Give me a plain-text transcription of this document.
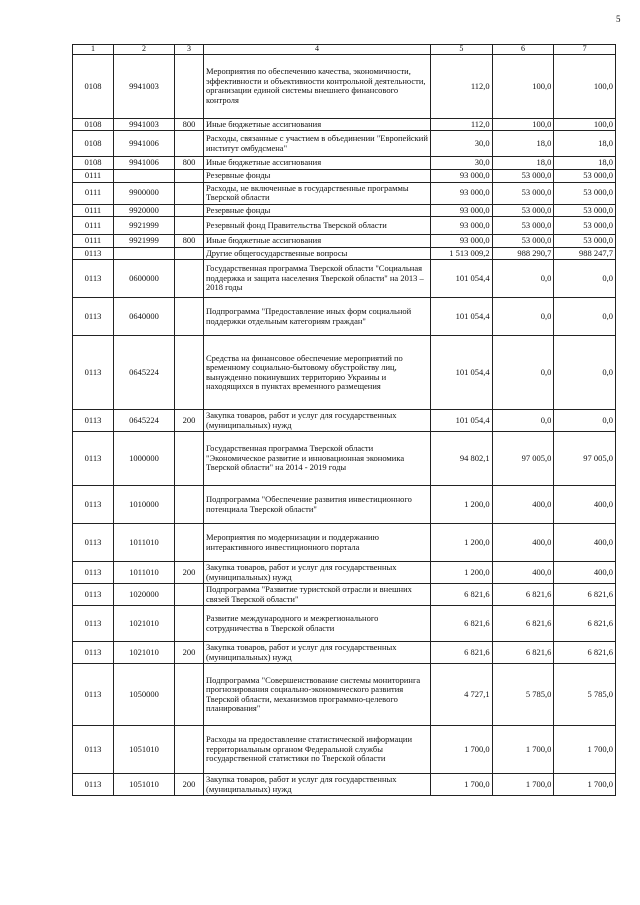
5
1	2	3	4	5	6	7
0108	9941003		Мероприятия по обеспечению качества, экономичности, эффективности и объективности контрольной деятельности, организации единой системы внешнего финансового контроля	112,0	100,0	100,0
0108	9941003	800	Иные бюджетные ассигнования	112,0	100,0	100,0
0108	9941006		Расходы, связанные с участием в объединении "Европейский институт омбудсмена"	30,0	18,0	18,0
0108	9941006	800	Иные бюджетные ассигнования	30,0	18,0	18,0
0111			Резервные фонды	93 000,0	53 000,0	53 000,0
0111	9900000		Расходы, не включенные в государственные программы Тверской области	93 000,0	53 000,0	53 000,0
0111	9920000		Резервные фонды	93 000,0	53 000,0	53 000,0
0111	9921999		Резервный фонд Правительства Тверской области	93 000,0	53 000,0	53 000,0
0111	9921999	800	Иные бюджетные ассигнования	93 000,0	53 000,0	53 000,0
0113			Другие общегосударственные вопросы	1 513 009,2	988 290,7	988 247,7
0113	0600000		Государственная программа Тверской области "Социальная поддержка и защита населения Тверской области" на 2013 – 2018 годы	101 054,4	0,0	0,0
0113	0640000		Подпрограмма "Предоставление иных форм социальной поддержки отдельным категориям граждан"	101 054,4	0,0	0,0
0113	0645224		Средства на финансовое обеспечение мероприятий по временному социально-бытовому обустройству лиц, вынужденно покинувших территорию Украины и находящихся в пунктах временного размещения	101 054,4	0,0	0,0
0113	0645224	200	Закупка товаров, работ и услуг для государственных (муниципальных) нужд	101 054,4	0,0	0,0
0113	1000000		Государственная программа Тверской области "Экономическое развитие и инновационная экономика Тверской области" на 2014 - 2019 годы	94 802,1	97 005,0	97 005,0
0113	1010000		Подпрограмма "Обеспечение развития инвестиционного потенциала Тверской области"	1 200,0	400,0	400,0
0113	1011010		Мероприятия по модернизации и поддержанию интерактивного инвестиционного портала	1 200,0	400,0	400,0
0113	1011010	200	Закупка товаров, работ и услуг для государственных (муниципальных) нужд	1 200,0	400,0	400,0
0113	1020000		Подпрограмма "Развитие туристской отрасли и внешних связей Тверской области"	6 821,6	6 821,6	6 821,6
0113	1021010		Развитие международного и межрегионального сотрудничества в Тверской области	6 821,6	6 821,6	6 821,6
0113	1021010	200	Закупка товаров, работ и услуг для государственных (муниципальных) нужд	6 821,6	6 821,6	6 821,6
0113	1050000		Подпрограмма "Совершенствование системы мониторинга прогнозирования социально-экономического развития Тверской области, механизмов программно-целевого планирования"	4 727,1	5 785,0	5 785,0
0113	1051010		Расходы на предоставление статистической информации территориальным органом Федеральной службы государственной статистики по Тверской области	1 700,0	1 700,0	1 700,0
0113	1051010	200	Закупка товаров, работ и услуг для государственных (муниципальных) нужд	1 700,0	1 700,0	1 700,0
